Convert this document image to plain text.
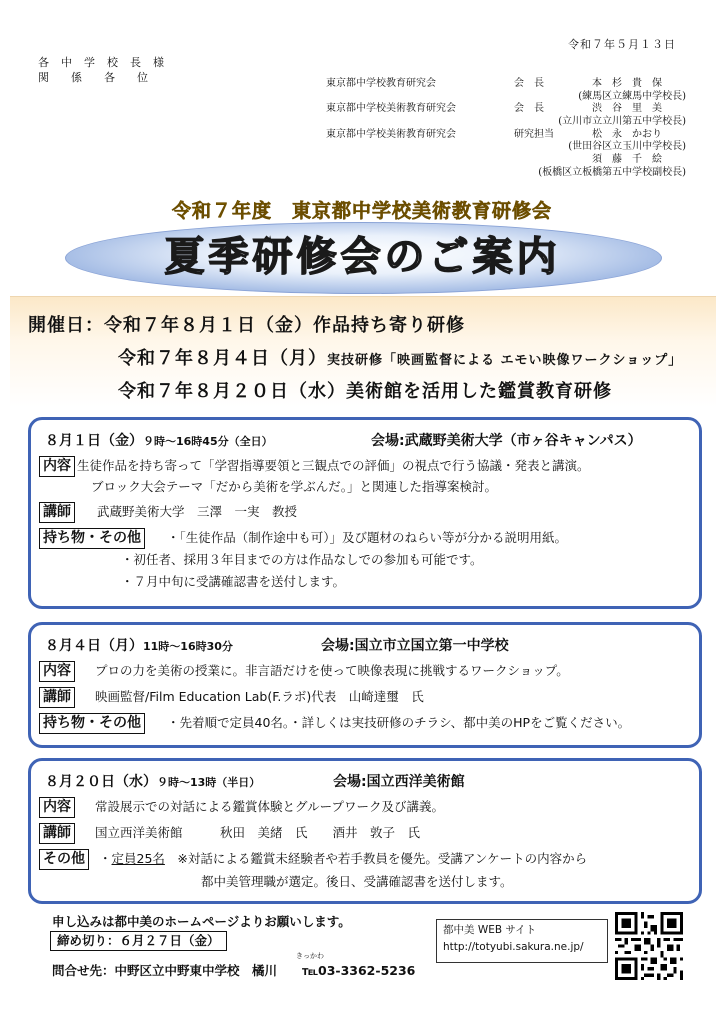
令和７年５月１３日
各中学校長様
関係各位	東京都中学校教育研究会	会　長	本　杉　貴　保
(練馬区立練馬中学校長)
東京都中学校美術教育研究会	会　長	渋　谷　里　美
(立川市立立川第五中学校長)
東京都中学校美術教育研究会	研究担当	松　永　かおり
(世田谷区立玉川中学校長)
須　藤　千　絵
(板橋区立板橋第五中学校副校長)
令和７年度　東京都中学校美術教育研修会
夏季研修会のご案内
開催日：令和７年８月１日（金）作品持ち寄り研修
令和７年８月４日（月）実技研修「映画監督による エモい映像ワークショップ」
令和７年８月２０日（水）美術館を活用した鑑賞教育研修
８月１日（金）９時～16時45分（全日）	会場:武蔵野美術大学（市ヶ谷キャンパス）
内容 生徒作品を持ち寄って「学習指導要領と三観点での評価」の視点で行う協議・発表と講演。
ブロック大会テーマ「だから美術を学ぶんだ。」と関連した指導案検討。
講師	武蔵野美術大学　三澤　一実　教授
持ち物・その他	・「生徒作品（制作途中も可）」及び題材のねらい等が分かる説明用紙。
・初任者、採用３年目までの方は作品なしでの参加も可能です。
・７月中旬に受講確認書を送付します。
８月４日（月）11時～16時30分	会場:国立市立国立第一中学校
内容	プロの力を美術の授業に。非言語だけを使って映像表現に挑戦するワークショップ。
講師	映画監督/Film Education Lab(F.ラボ)代表　山崎達璽　氏
持ち物・その他	・先着順で定員40名。・詳しくは実技研修のチラシ、都中美のHPをご覧ください。
８月２０日（水）９時～13時（半日）	会場:国立西洋美術館
内容	常設展示での対話による鑑賞体験とグループワーク及び講義。
講師	国立西洋美術館　　　秋田　美緒　氏　　酒井　敦子　氏
その他	・定員25名　※対話による鑑賞未経験者や若手教員を優先。受講アンケートの内容から
都中美管理職が選定。後日、受講確認書を送付します。
申し込みは都中美のホームページよりお願いします。
締め切り：６月２７日（金）
きっかわ
問合せ先：中野区立中野東中学校　橘川　　℡03-3362-5236
都中美 WEB サイト
http://totyubi.sakura.ne.jp/
